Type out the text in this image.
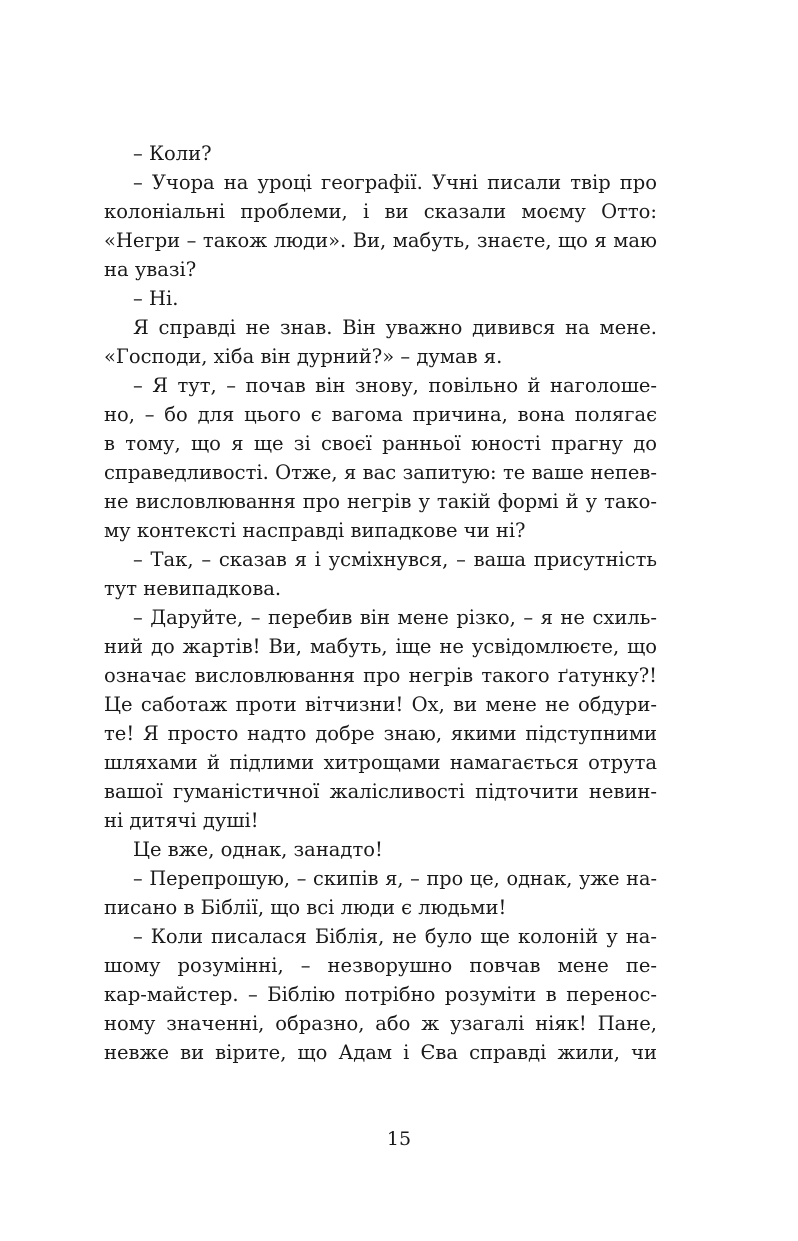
– Коли?
– Учора на уроці географії. Учні писали твір про
колоніальні проблеми, і ви сказали моєму Отто:
«Негри – також люди». Ви, мабуть, знаєте, що я маю
на увазі?
– Ні.
Я справді не знав. Він уважно дивився на мене.
«Господи, хіба він дурний?» – думав я.
– Я тут, – почав він знову, повільно й наголошe-
но, – бо для цього є вагома причина, вона полягає
в тому, що я ще зі своєї ранньої юності прагну до
справедливості. Отже, я вас запитую: те ваше непев-
не висловлювання про негрів у такій формі й у тако-
му контексті насправді випадкове чи ні?
– Так, – сказав я і усміхнувся, – ваша присутність
тут невипадкова.
– Даруйте, – перебив він мене різко, – я не схиль-
ний до жартів! Ви, мабуть, іще не усвідомлюєте, що
означає висловлювання про негрів такого ґатунку?!
Це саботаж проти вітчизни! Ох, ви мене не обдури-
те! Я просто надто добре знаю, якими підступними
шляхами й підлими хитрощами намагається отрута
вашої гуманістичної жалісливості підточити невин-
ні дитячі душі!
Це вже, однак, занадто!
– Перепрошую, – скипів я, – про це, однак, уже на-
писано в Біблії, що всі люди є людьми!
– Коли писалася Біблія, не було ще колоній у на-
шому розумінні, – незворушно повчав мене пе-
кар-майстер. – Біблію потрібно розуміти в перенос-
ному значенні, образно, або ж узагалі ніяк! Пане,
невже ви вірите, що Адам і Єва справді жили, чи
15
